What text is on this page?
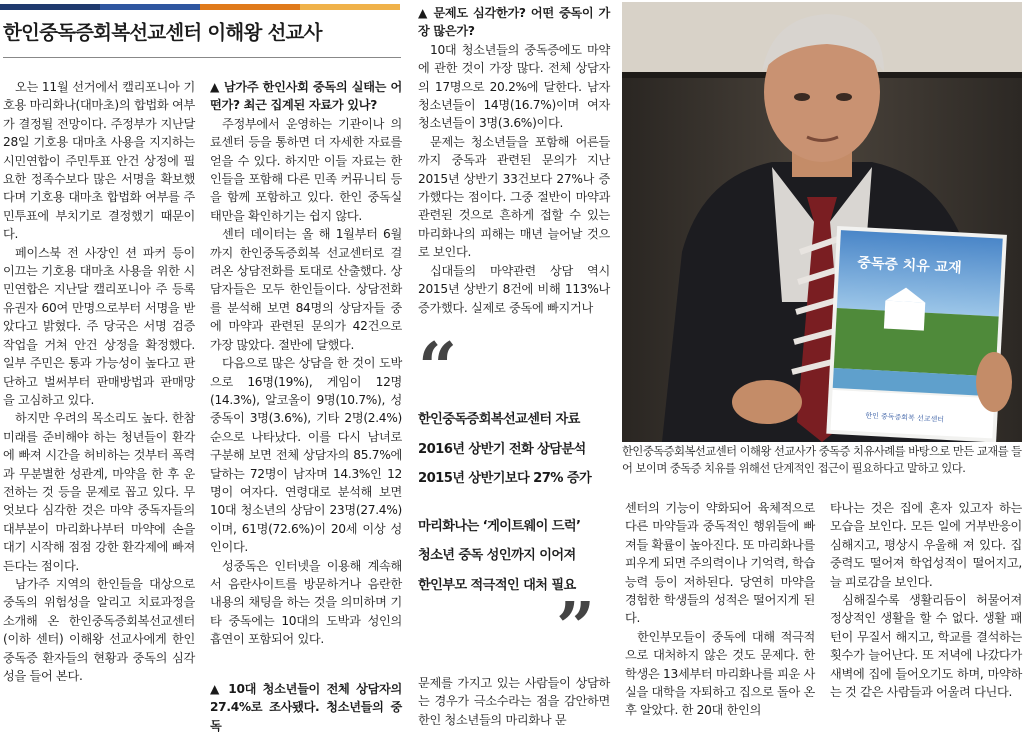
한인중독증회복선교센터 이해왕 선교사

오는 11월 선거에서 캘리포니아 기호용 마리화나(대마초)의 합법화 여부가 결정될 전망이다. 주정부가 지난달 28일 기호용 대마초 사용을 지지하는 시민연합이 주민투표 안건 상정에 필요한 정족수보다 많은 서명을 확보했다며 기호용 대마초 합법화 여부를 주민투표에 부치기로 결정했기 때문이다.

페이스북 전 사장인 션 파커 등이 이끄는 기호용 대마초 사용을 위한 시민연합은 지난달 캘리포니아 주 등록 유권자 60여 만명으로부터 서명을 받았다고 밝혔다. 주 당국은 서명 검증 작업을 거쳐 안건 상정을 확정했다. 일부 주민은 통과 가능성이 높다고 판단하고 벌써부터 판매방법과 판매망을 고심하고 있다.

하지만 우려의 목소리도 높다. 한참 미래를 준비해야 하는 청년들이 환각에 빠져 시간을 허비하는 것부터 폭력과 무분별한 성관계, 마약을 한 후 운전하는 것 등을 문제로 꼽고 있다. 무엇보다 심각한 것은 마약 중독자들의 대부분이 마리화나부터 마약에 손을 대기 시작해 점점 강한 환각제에 빠져든다는 점이다.

남가주 지역의 한인들을 대상으로 중독의 위험성을 알리고 치료과정을 소개해 온 한인중독증회복선교센터(이하 센터) 이해왕 선교사에게 한인 중독증 환자들의 현황과 중독의 심각성을 들어 본다.

▲ 남가주 한인사회 중독의 실태는 어떤가? 최근 집계된 자료가 있나?

주정부에서 운영하는 기관이나 의료센터 등을 통하면 더 자세한 자료를 얻을 수 있다. 하지만 이들 자료는 한인들을 포함해 다른 민족 커뮤니티 등을 함께 포함하고 있다. 한인 중독실태만을 확인하기는 쉽지 않다.

센터 데이터는 올 해 1월부터 6월까지 한인중독증회복 선교센터로 걸려온 상담전화를 토대로 산출했다. 상담자들은 모두 한인들이다. 상담전화를 분석해 보면 84명의 상담자들 중에 마약과 관련된 문의가 42건으로 가장 많았다. 절반에 달했다.

다음으로 많은 상담을 한 것이 도박으로 16명(19%), 게임이 12명(14.3%), 알코올이 9명(10.7%), 성중독이 3명(3.6%), 기타 2명(2.4%) 순으로 나타났다. 이를 다시 남녀로 구분해 보면 전체 상담자의 85.7%에 달하는 72명이 남자며 14.3%인 12명이 여자다. 연령대로 분석해 보면 10대 청소년의 상담이 23명(27.4%)이며, 61명(72.6%)이 20세 이상 성인이다.

성중독은 인터넷을 이용해 계속해서 음란사이트를 방문하거나 음란한 내용의 채팅을 하는 것을 의미하며 기타 중독에는 10대의 도박과 성인의 흡연이 포함되어 있다.

▲ 10대 청소년들이 전체 상담자의 27.4%로 조사됐다. 청소년들의 중독

▲ 문제도 심각한가? 어떤 중독이 가장 많은가?

10대 청소년들의 중독증에도 마약에 관한 것이 가장 많다. 전체 상담자의 17명으로 20.2%에 달한다. 남자 청소년들이 14명(16.7%)이며 여자 청소년들이 3명(3.6%)이다.

문제는 청소년들을 포함해 어른들까지 중독과 관련된 문의가 지난 2015년 상반기 33건보다 27%나 증가했다는 점이다. 그중 절반이 마약과 관련된 것으로 흔하게 접할 수 있는 마리화나의 피해는 매년 늘어날 것으로 보인다.

십대들의 마약관련 상담 역시 2015년 상반기 8건에 비해 113%나 증가했다. 실제로 중독에 빠지거나

“
한인중독증회복선교센터 자료
2016년 상반기 전화 상담분석
2015년 상반기보다 27% 증가
마리화나는 ‘게이트웨이 드럭’
청소년 중독 성인까지 이어져
한인부모 적극적인 대처 필요
”

문제를 가지고 있는 사람들이 상담하는 경우가 극소수라는 점을 감안하면 한인 청소년들의 마리화나 문

중독증 치유 교재
한인 중독증회복 선교센터
한인중독증회복선교센터 이해왕 선교사가 중독증 치유사례를 바탕으로 만든 교재를 들
어 보이며 중독증 치유를 위해선 단계적인 접근이 필요하다고 말하고 있다.

센터의 기능이 약화되어 육체적으로 다른 마약들과 중독적인 행위들에 빠져들 확률이 높아진다. 또 마리화나를 피우게 되면 주의력이나 기억력, 학습능력 등이 저하된다. 당연히 마약을 경험한 학생들의 성적은 떨어지게 된다.

한인부모들이 중독에 대해 적극적으로 대처하지 않은 것도 문제다. 한 학생은 13세부터 마리화나를 피운 사실을 대학을 자퇴하고 집으로 돌아 온 후 알았다. 한 20대 한인의

타나는 것은 집에 혼자 있고자 하는 모습을 보인다. 모든 일에 거부반응이 심해지고, 평상시 우울해 져 있다. 집중력도 떨어져 학업성적이 떨어지고, 늘 피로감을 보인다.

심해질수록 생활리듬이 허물어져 정상적인 생활을 할 수 없다. 생활 패턴이 무질서 해지고, 학교를 결석하는 횟수가 늘어난다. 또 저녁에 나갔다가 새벽에 집에 들어오기도 하며, 마약하는 것 같은 사람들과 어울려 다닌다.
